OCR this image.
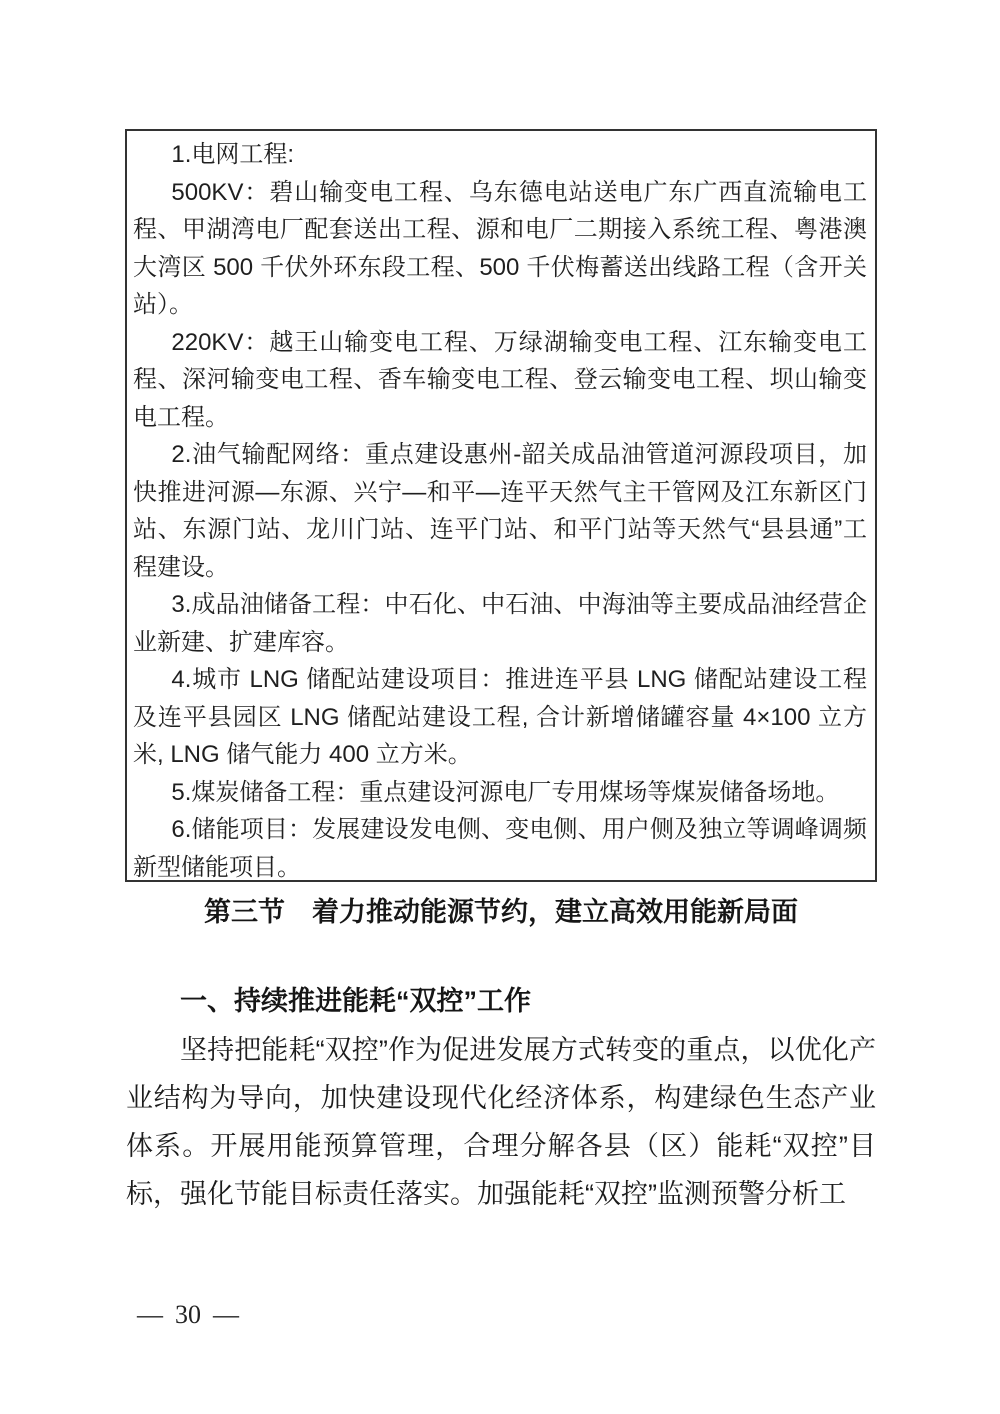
1.电网工程:

500KV：碧山输变电工程、乌东德电站送电广东广西直流输电工程、甲湖湾电厂配套送出工程、源和电厂二期接入系统工程、粤港澳大湾区 500 千伏外环东段工程、500 千伏梅蓄送出线路工程（含开关站）。

220KV：越王山输变电工程、万绿湖输变电工程、江东输变电工程、深河输变电工程、香车输变电工程、登云输变电工程、坝山输变电工程。

2.油气输配网络：重点建设惠州-韶关成品油管道河源段项目，加快推进河源—东源、兴宁—和平—连平天然气主干管网及江东新区门站、东源门站、龙川门站、连平门站、和平门站等天然气“县县通”工程建设。

3.成品油储备工程：中石化、中石油、中海油等主要成品油经营企业新建、扩建库容。

4.城市 LNG 储配站建设项目：推进连平县 LNG 储配站建设工程及连平县园区 LNG 储配站建设工程, 合计新增储罐容量 4×100 立方米, LNG 储气能力 400 立方米。

5.煤炭储备工程：重点建设河源电厂专用煤场等煤炭储备场地。

6.储能项目：发展建设发电侧、变电侧、用户侧及独立等调峰调频新型储能项目。

第三节　着力推动能源节约，建立高效用能新局面
一、持续推进能耗“双控”工作

坚持把能耗“双控”作为促进发展方式转变的重点，以优化产业结构为导向，加快建设现代化经济体系，构建绿色生态产业体系。开展用能预算管理，合理分解各县（区）能耗“双控”目标，强化节能目标责任落实。加强能耗“双控”监测预警分析工

— 30 —
